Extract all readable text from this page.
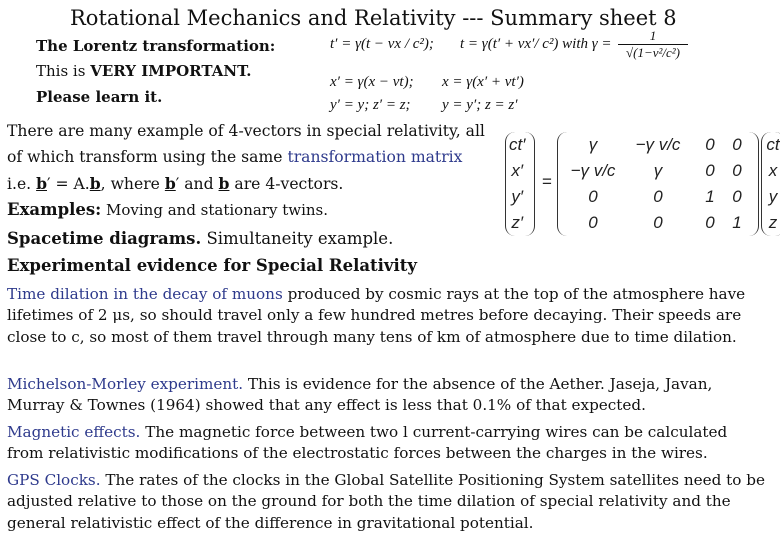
Rotational Mechanics and Relativity --- Summary sheet 8
The Lorentz transformation:
This is VERY IMPORTANT.
Please learn it.
t′ = γ(t − vx / c²); t = γ(t′ + vx′/ c²) with $\gamma = \frac{1}{\text{√(1−v²/c²)}}$
x′ = γ(x − vt); x = γ(x′ + vt′)
y′ = y; z′ = z; y = y′; z = z′
There are many example of 4-vectors in special relativity, all
of which transform using the same transformation matrix
i.e. b′ = A.b, where b′ and b are 4-vectors.
ct′
x′
y′
z′
=
γ
−γ v/c
0
0
−γ v/c
γ
0
0
0
0
1
0
0
0
0
1
ct
x
y
z
Examples: Moving and stationary twins.
Spacetime diagrams. Simultaneity example.
Experimental evidence for Special Relativity
Time dilation in the decay of muons produced by cosmic rays at the top of the atmosphere have lifetimes of 2 μs, so should travel only a few hundred metres before decaying. Their speeds are close to c, so most of them travel through many tens of km of atmosphere due to time dilation.
Michelson-Morley experiment. This is evidence for the absence of the Aether. Jaseja, Javan, Murray & Townes (1964) showed that any effect is less that 0.1% of that expected.
Magnetic effects. The magnetic force between two l current-carrying wires can be calculated from relativistic modifications of the electrostatic forces between the charges in the wires.
GPS Clocks. The rates of the clocks in the Global Satellite Positioning System satellites need to be adjusted relative to those on the ground for both the time dilation of special relativity and the general relativistic effect of the difference in gravitational potential.
